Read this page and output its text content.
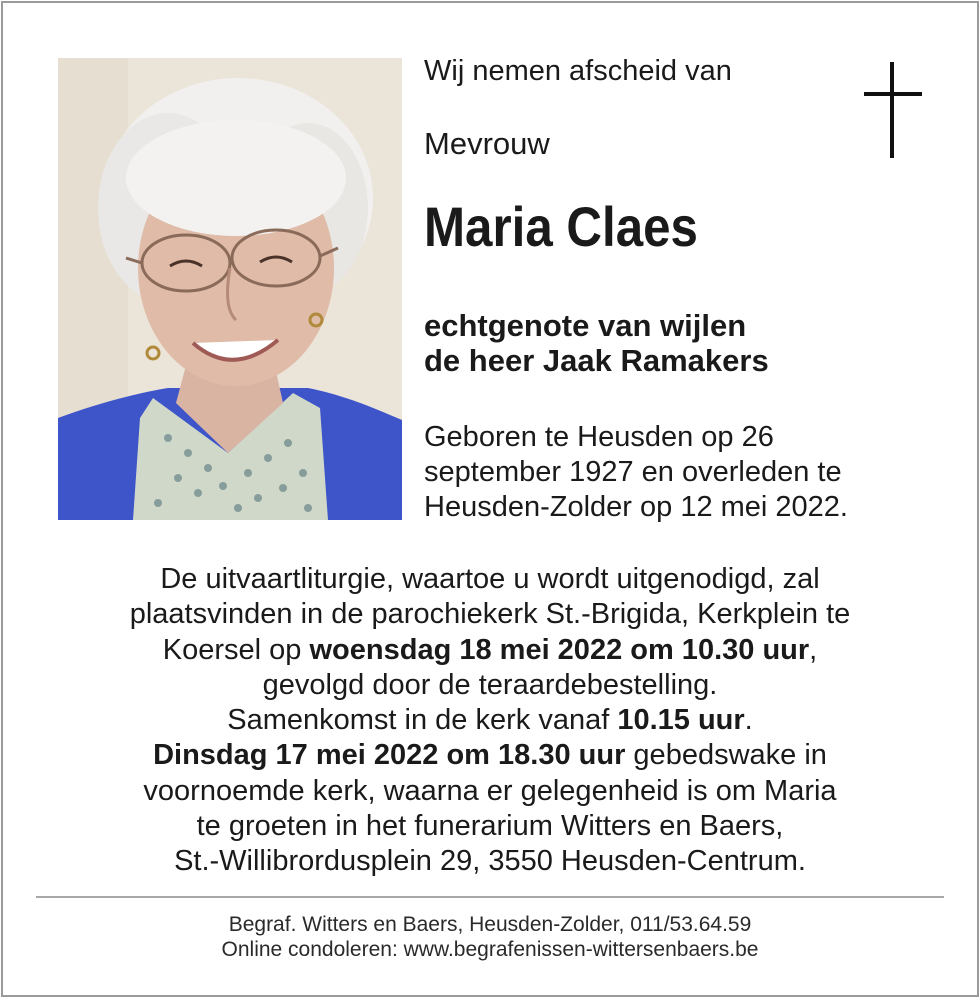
Wij nemen afscheid van
Mevrouw
Maria Claes
echtgenote van wijlen
de heer Jaak Ramakers
Geboren te Heusden op 26
september 1927 en overleden te
Heusden-Zolder op 12 mei 2022.
De uitvaartliturgie, waartoe u wordt uitgenodigd, zal
plaatsvinden in de parochiekerk St.-Brigida, Kerkplein te
Koersel op woensdag 18 mei 2022 om 10.30 uur,
gevolgd door de teraardebestelling.
Samenkomst in de kerk vanaf 10.15 uur.
Dinsdag 17 mei 2022 om 18.30 uur gebedswake in
voornoemde kerk, waarna er gelegenheid is om Maria
te groeten in het funerarium Witters en Baers,
St.-Willibrordusplein 29, 3550 Heusden-Centrum.
Begraf. Witters en Baers, Heusden-Zolder, 011/53.64.59
Online condoleren: www.begrafenissen-wittersenbaers.be
